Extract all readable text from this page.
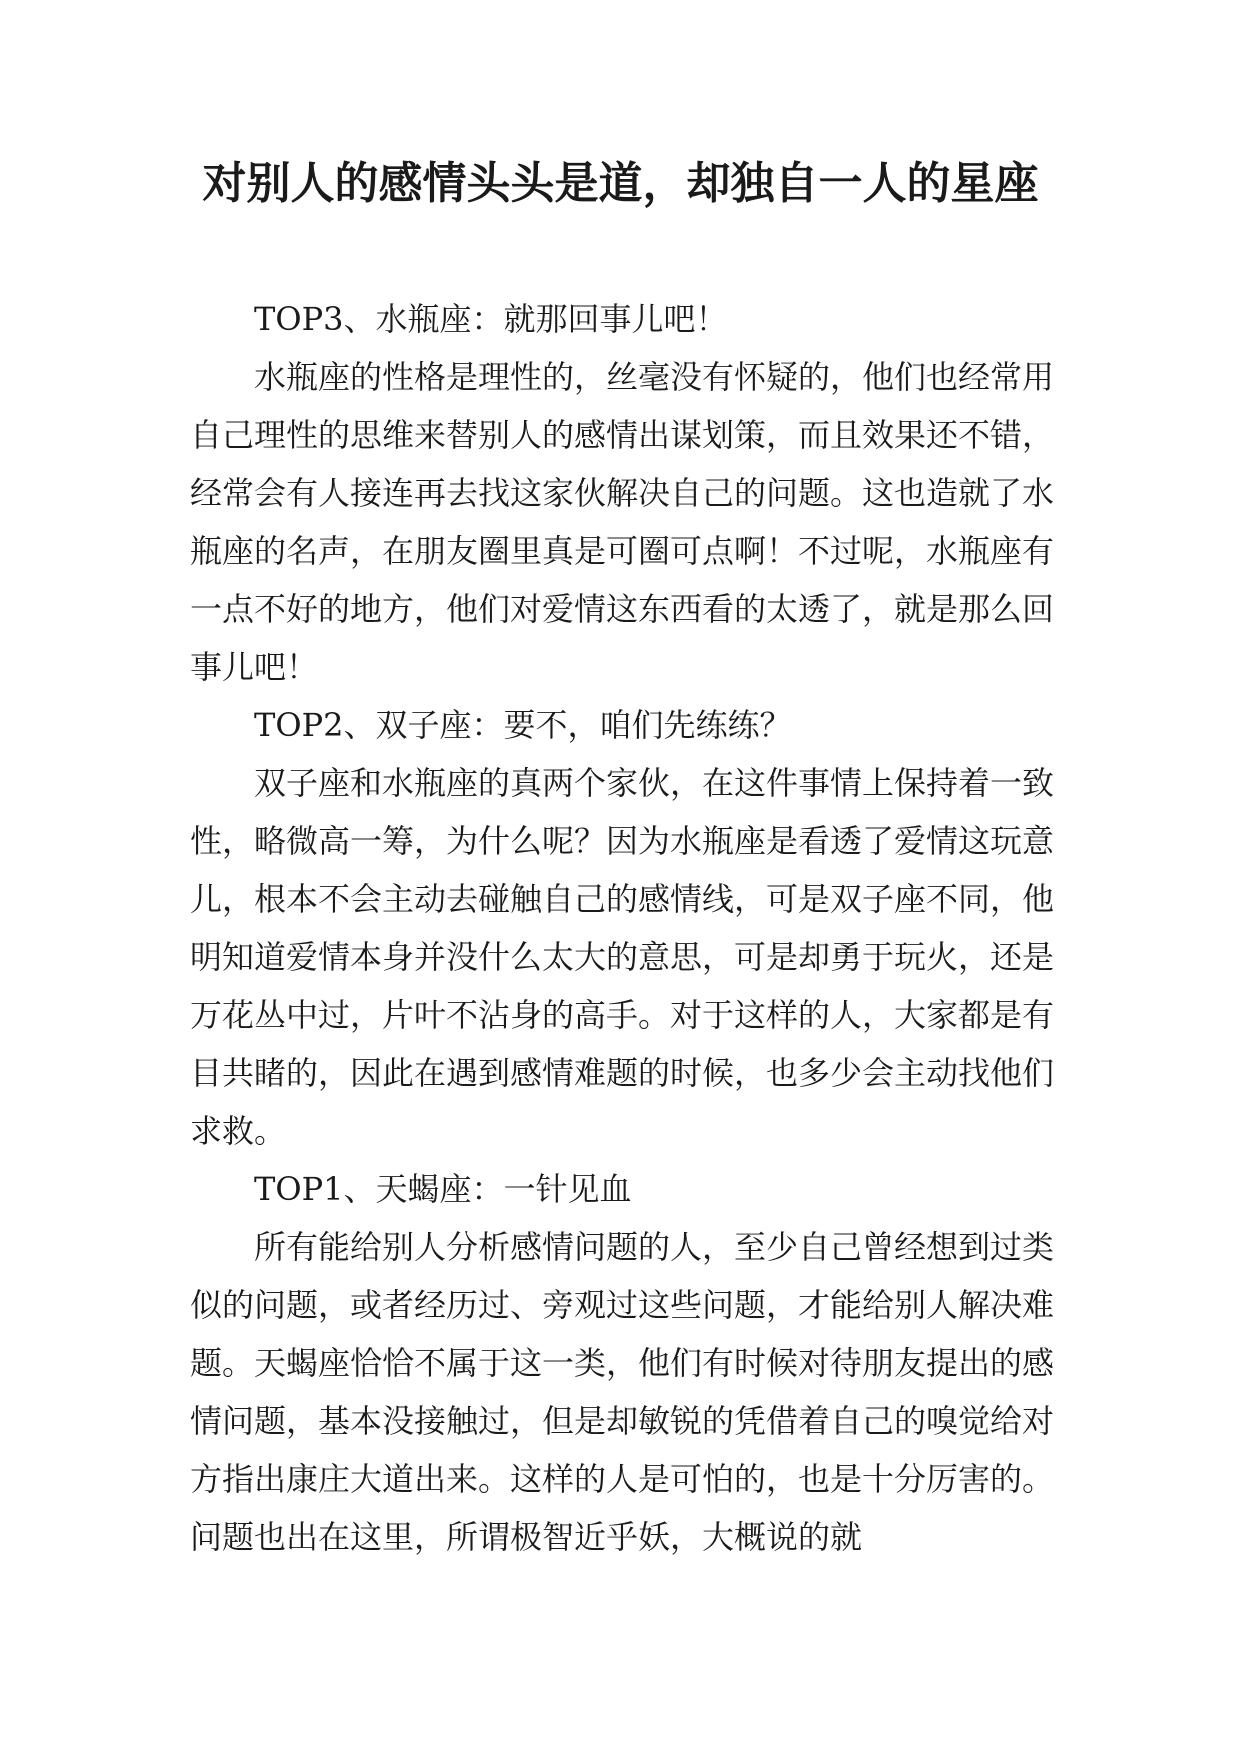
对别人的感情头头是道，却独自一人的星座

TOP3、水瓶座：就那回事儿吧！

水瓶座的性格是理性的，丝毫没有怀疑的，他们也经常用自己理性的思维来替别人的感情出谋划策，而且效果还不错，经常会有人接连再去找这家伙解决自己的问题。这也造就了水瓶座的名声，在朋友圈里真是可圈可点啊！不过呢，水瓶座有一点不好的地方，他们对爱情这东西看的太透了，就是那么回事儿吧！

TOP2、双子座：要不，咱们先练练？

双子座和水瓶座的真两个家伙，在这件事情上保持着一致性，略微高一筹，为什么呢？因为水瓶座是看透了爱情这玩意儿，根本不会主动去碰触自己的感情线，可是双子座不同，他明知道爱情本身并没什么太大的意思，可是却勇于玩火，还是万花丛中过，片叶不沾身的高手。对于这样的人，大家都是有目共睹的，因此在遇到感情难题的时候，也多少会主动找他们求救。

TOP1、天蝎座：一针见血

所有能给别人分析感情问题的人，至少自己曾经想到过类似的问题，或者经历过、旁观过这些问题，才能给别人解决难题。天蝎座恰恰不属于这一类，他们有时候对待朋友提出的感情问题，基本没接触过，但是却敏锐的凭借着自己的嗅觉给对方指出康庄大道出来。这样的人是可怕的，也是十分厉害的。问题也出在这里，所谓极智近乎妖，大概说的就
